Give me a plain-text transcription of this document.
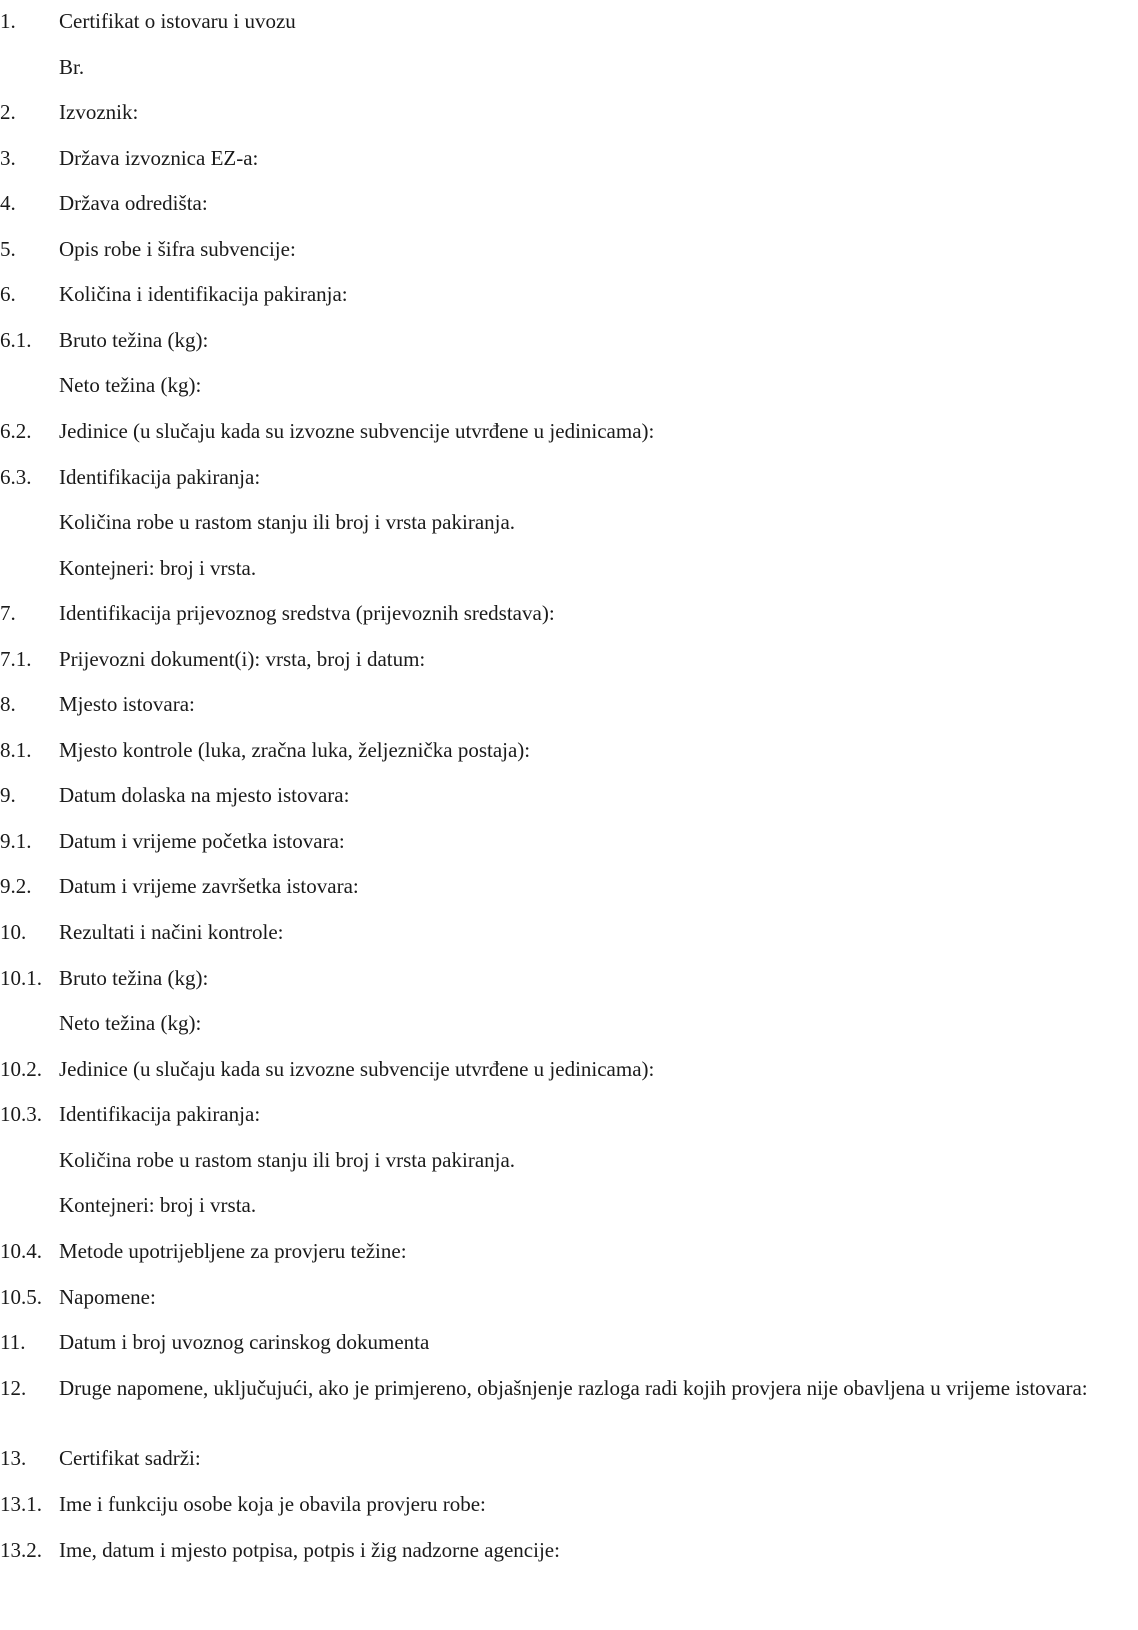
1. Certifikat o istovaru i uvozu
Br.
2. Izvoznik:
3. Država izvoznica EZ-a:
4. Država odredišta:
5. Opis robe i šifra subvencije:
6. Količina i identifikacija pakiranja:
6.1. Bruto težina (kg):
Neto težina (kg):
6.2. Jedinice (u slučaju kada su izvozne subvencije utvrđene u jedinicama):
6.3. Identifikacija pakiranja:
Količina robe u rastom stanju ili broj i vrsta pakiranja.
Kontejneri: broj i vrsta.
7. Identifikacija prijevoznog sredstva (prijevoznih sredstava):
7.1. Prijevozni dokument(i): vrsta, broj i datum:
8. Mjesto istovara:
8.1. Mjesto kontrole (luka, zračna luka, željeznička postaja):
9. Datum dolaska na mjesto istovara:
9.1. Datum i vrijeme početka istovara:
9.2. Datum i vrijeme završetka istovara:
10. Rezultati i načini kontrole:
10.1. Bruto težina (kg):
Neto težina (kg):
10.2. Jedinice (u slučaju kada su izvozne subvencije utvrđene u jedinicama):
10.3. Identifikacija pakiranja:
Količina robe u rastom stanju ili broj i vrsta pakiranja.
Kontejneri: broj i vrsta.
10.4. Metode upotrijebljene za provjeru težine:
10.5. Napomene:
11. Datum i broj uvoznog carinskog dokumenta
12. Druge napomene, uključujući, ako je primjereno, objašnjenje razloga radi kojih provjera nije obavljena u vrijeme istovara:
13. Certifikat sadrži:
13.1. Ime i funkciju osobe koja je obavila provjeru robe:
13.2. Ime, datum i mjesto potpisa, potpis i žig nadzorne agencije:
